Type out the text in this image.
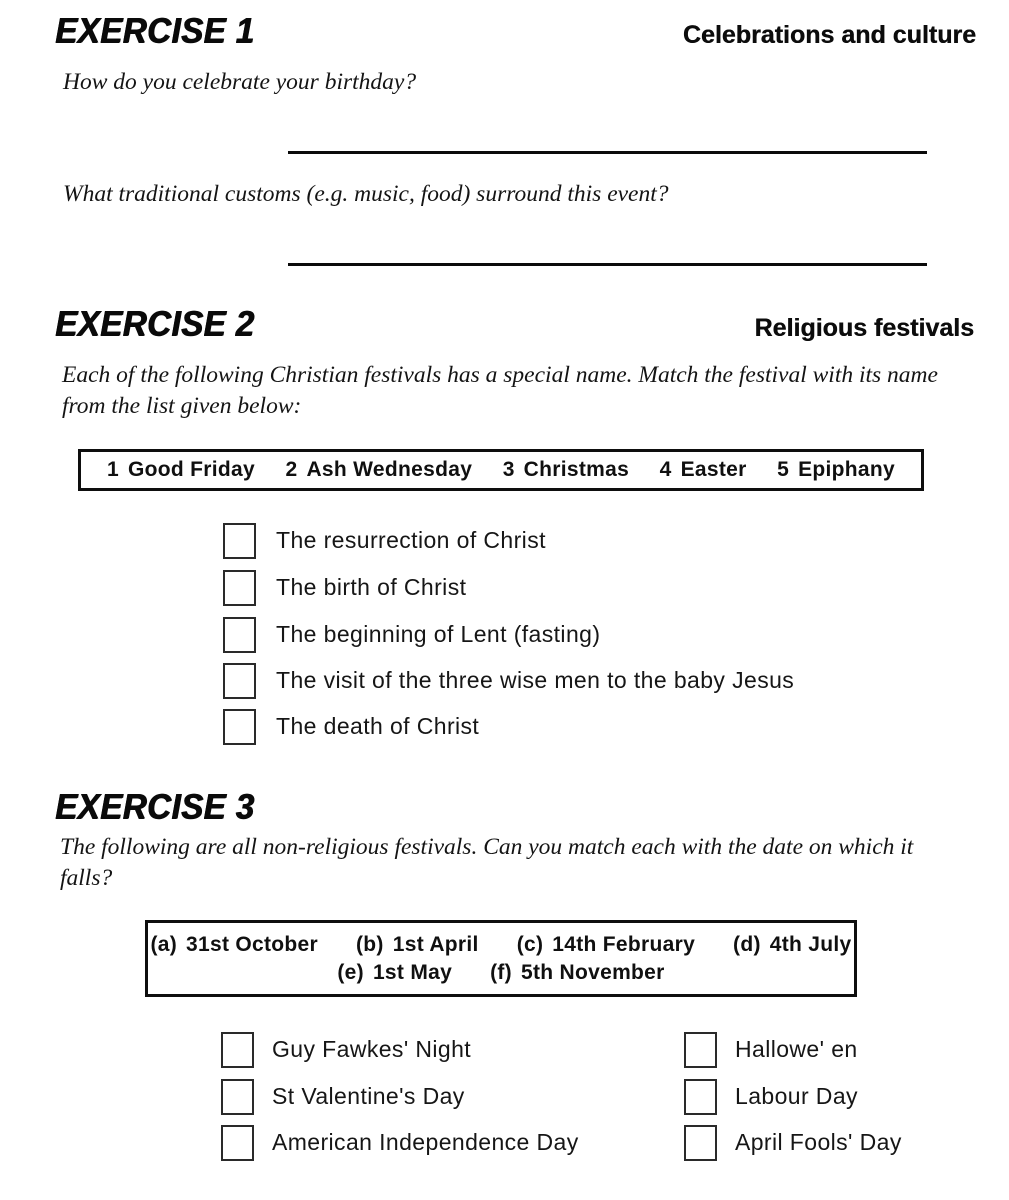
EXERCISE 1	Celebrations and culture

How do you celebrate your birthday?

What traditional customs (e.g. music, food) surround this event?

EXERCISE 2	Religious festivals

Each of the following Christian festivals has a special name. Match the festival with its name from the list given below:

1 Good Friday 2 Ash Wednesday 3 Christmas 4 Easter 5 Epiphany
The resurrection of Christ
The birth of Christ
The beginning of Lent (fasting)
The visit of the three wise men to the baby Jesus
The death of Christ
EXERCISE 3

The following are all non-religious festivals. Can you match each with the date on which it falls?

(a) 31st October (b) 1st April (c) 14th February (d) 4th July
(e) 1st May (f) 5th November
Guy Fawkes' Night
St Valentine's Day
American Independence Day
Hallowe' en
Labour Day
April Fools' Day
